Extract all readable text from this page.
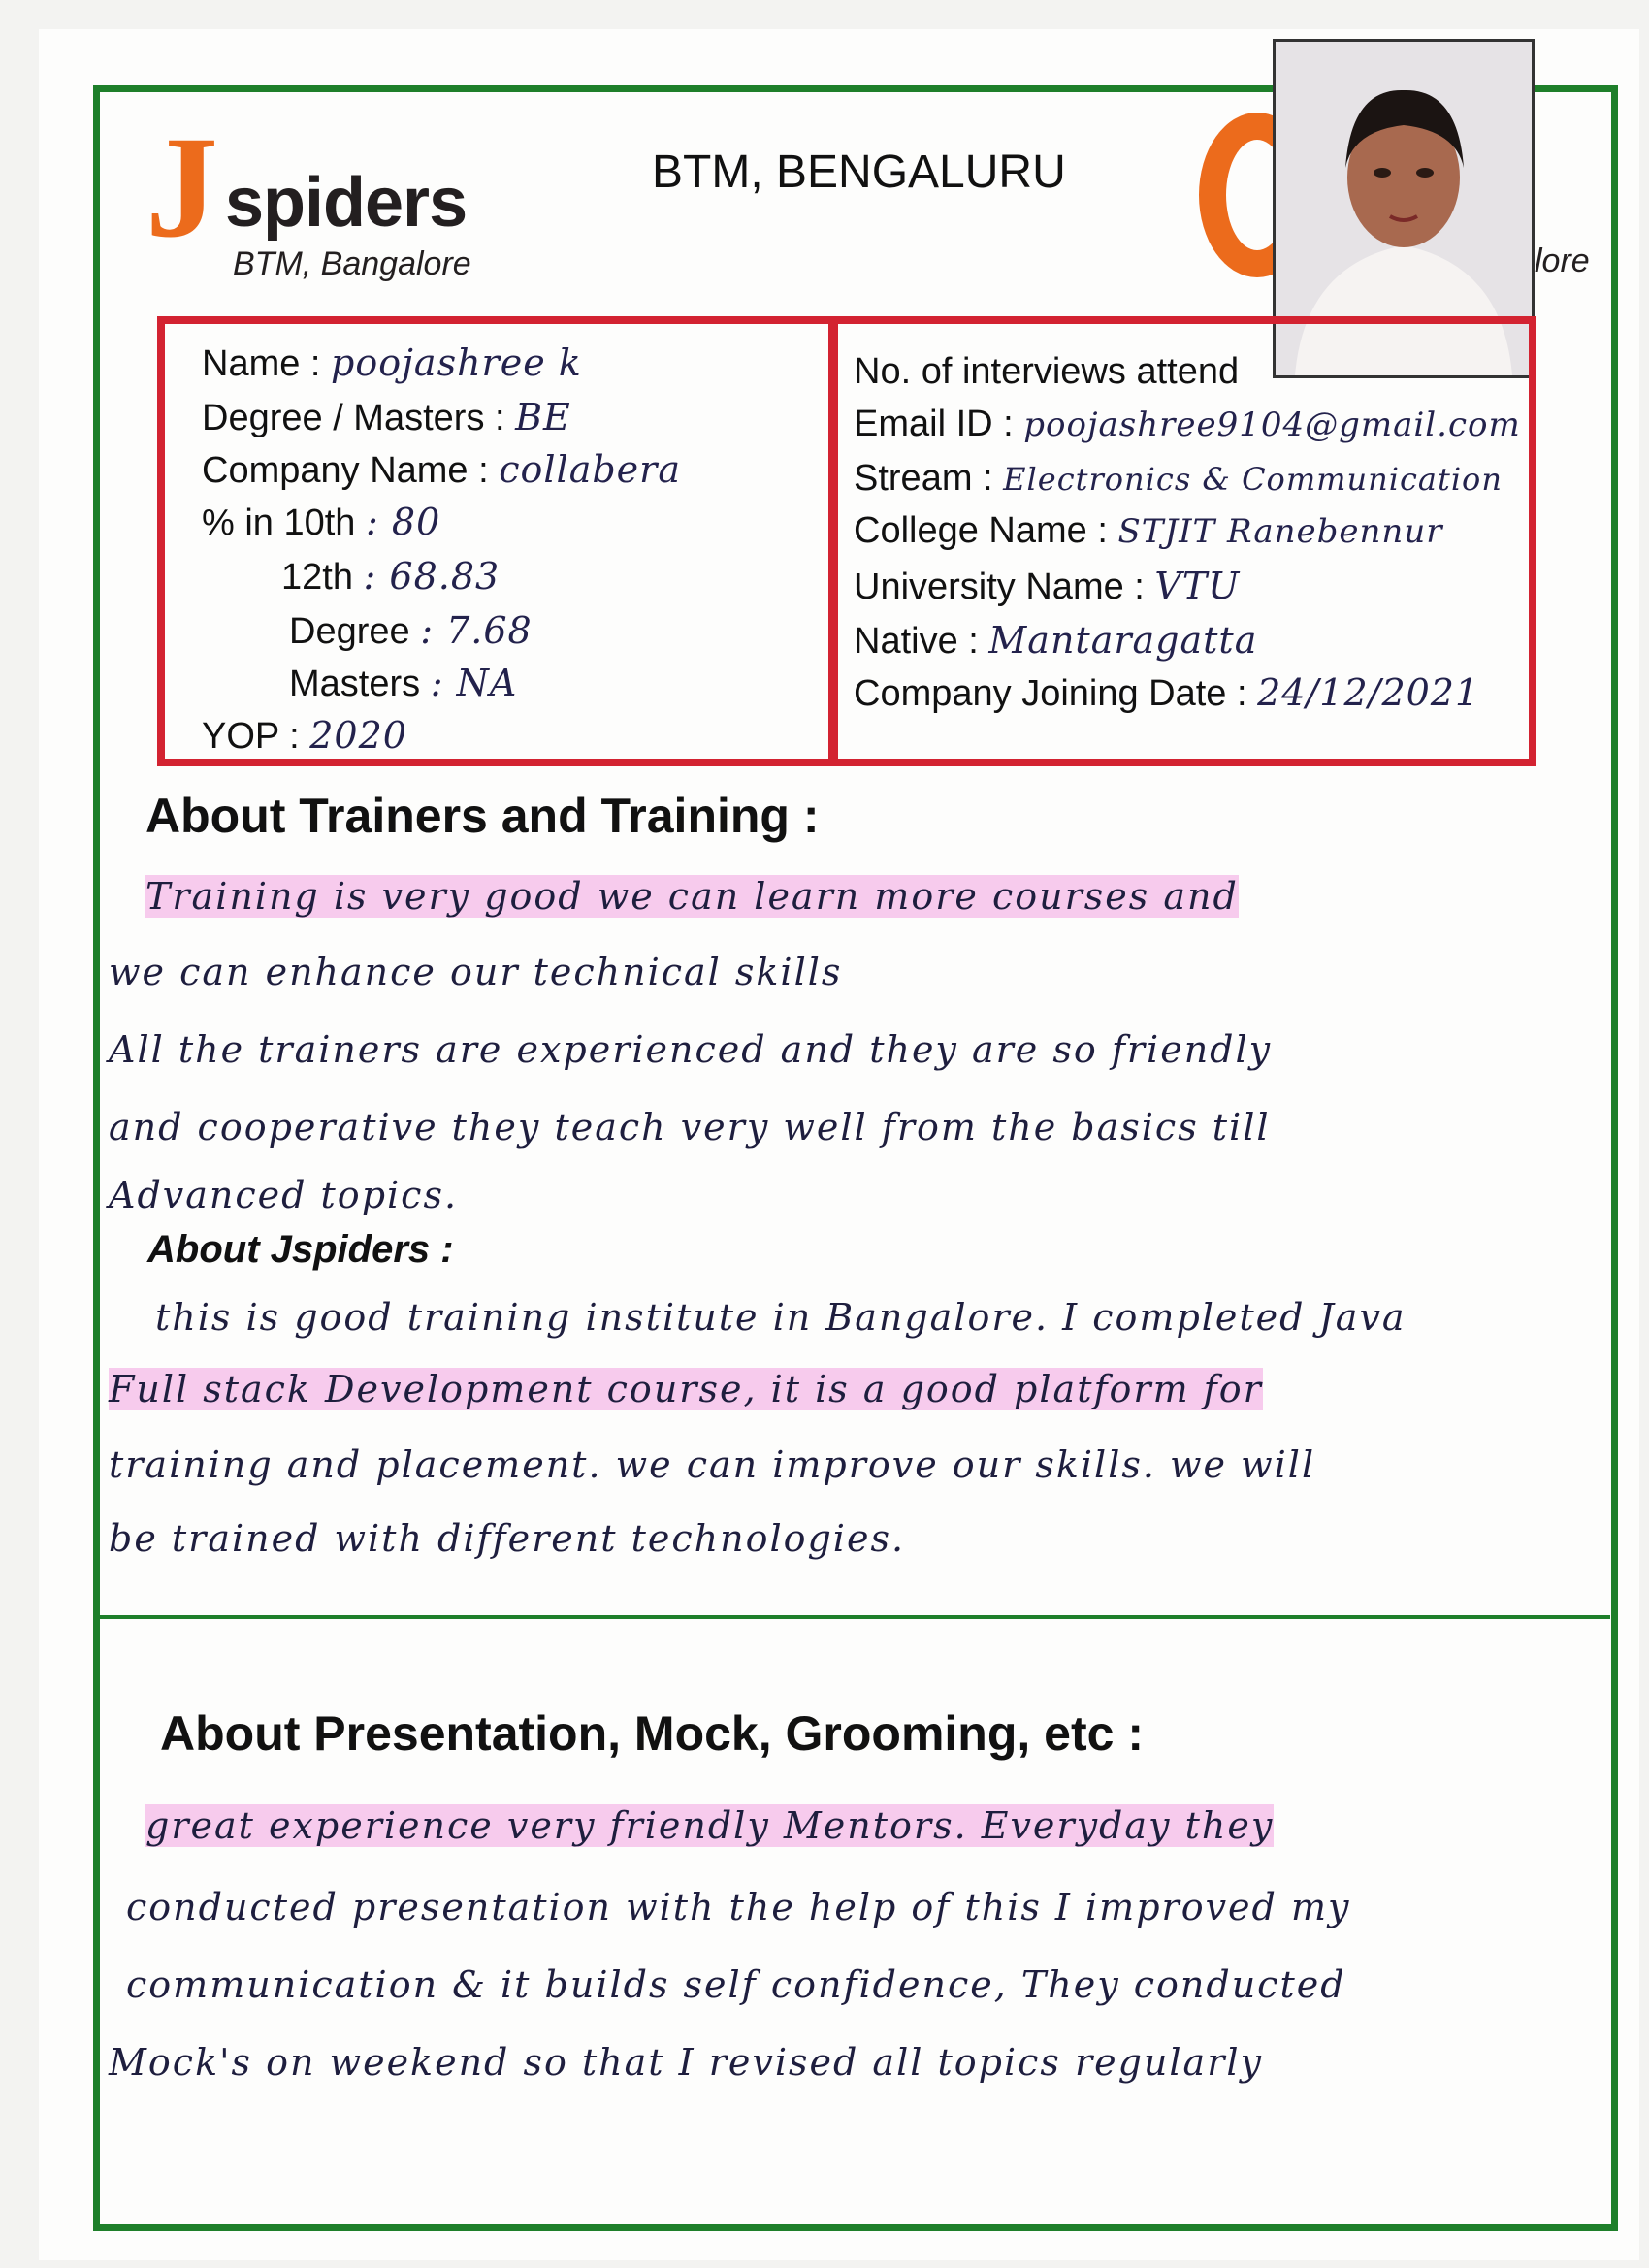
J spiders
BTM, Bangalore
BTM, BENGALURU
lore
Name : poojashree k
Degree / Masters : BE
Company Name : collabera
% in 10th : 80
12th : 68.83
Degree : 7.68
Masters : NA
YOP : 2020
No. of interviews attend
Email ID : poojashree9104@gmail.com
Stream : Electronics & Communication
College Name : STJIT Ranebennur
University Name : VTU
Native : Mantaragatta
Company Joining Date : 24/12/2021
About Trainers and Training :
Training is very good we can learn more courses and
we can enhance our technical skills
All the trainers are experienced and they are so friendly
and cooperative they teach very well from the basics till
Advanced topics.
About Jspiders :
this is good training institute in Bangalore. I completed Java
Full stack Development course, it is a good platform for
training and placement. we can improve our skills. we will
be trained with different technologies.
About Presentation, Mock, Grooming, etc :
great experience very friendly Mentors. Everyday they
conducted presentation with the help of this I improved my
communication & it builds self confidence, They conducted
Mock's on weekend so that I revised all topics regularly
